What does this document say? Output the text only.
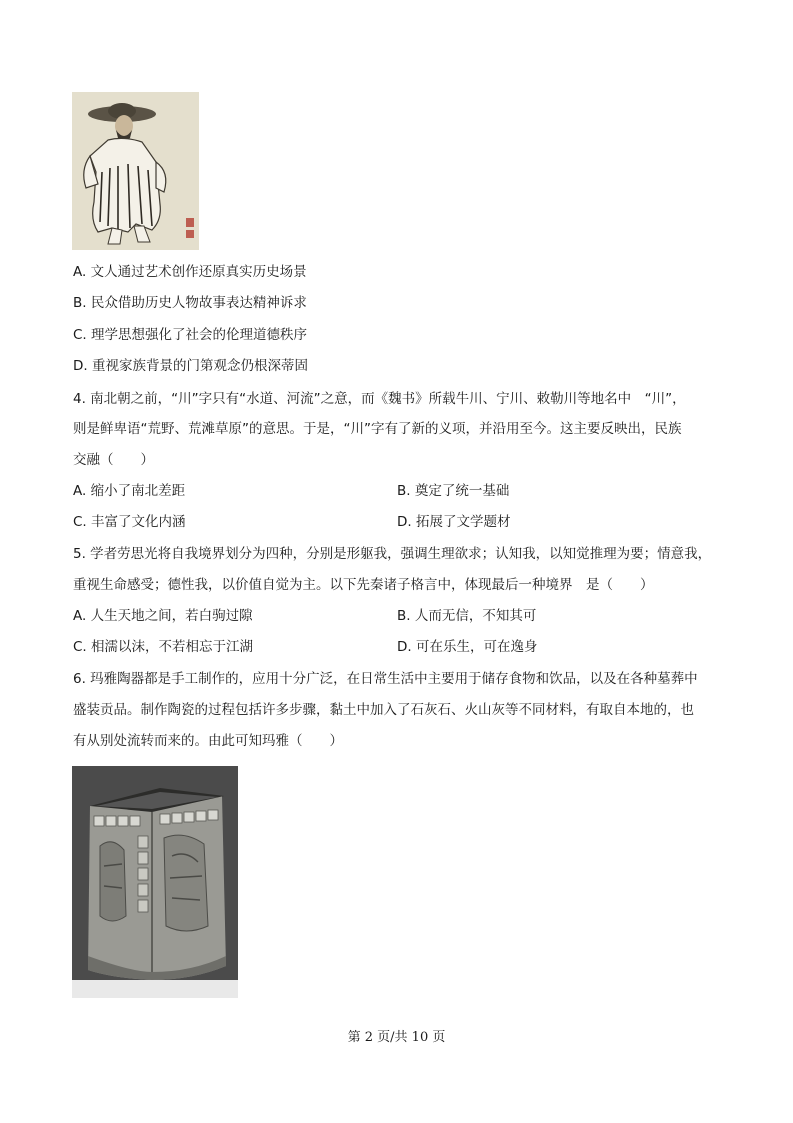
A. 文人通过艺术创作还原真实历史场景
B. 民众借助历史人物故事表达精神诉求
C. 理学思想强化了社会的伦理道德秩序
D. 重视家族背景的门第观念仍根深蒂固
4. 南北朝之前，“川”字只有“水道、河流”之意，而《魏书》所载牛川、宁川、敕勒川等地名中　“川”，
则是鲜卑语“荒野、荒滩草原”的意思。于是，“川”字有了新的义项，并沿用至今。这主要反映出，民族
交融（　　）
A. 缩小了南北差距	B. 奠定了统一基础
C. 丰富了文化内涵	D. 拓展了文学题材
5. 学者劳思光将自我境界划分为四种，分别是形躯我，强调生理欲求；认知我，以知觉推理为要；情意我，
重视生命感受；德性我，以价值自觉为主。以下先秦诸子格言中，体现最后一种境界　是（　　）
A. 人生天地之间，若白驹过隙	B. 人而无信，不知其可
C. 相濡以沫，不若相忘于江湖	D. 可在乐生，可在逸身
6. 玛雅陶器都是手工制作的，应用十分广泛，在日常生活中主要用于储存食物和饮品，以及在各种墓葬中
盛装贡品。制作陶瓷的过程包括许多步骤，黏土中加入了石灰石、火山灰等不同材料，有取自本地的，也
有从别处流转而来的。由此可知玛雅（　　）
第 2 页/共 10 页
